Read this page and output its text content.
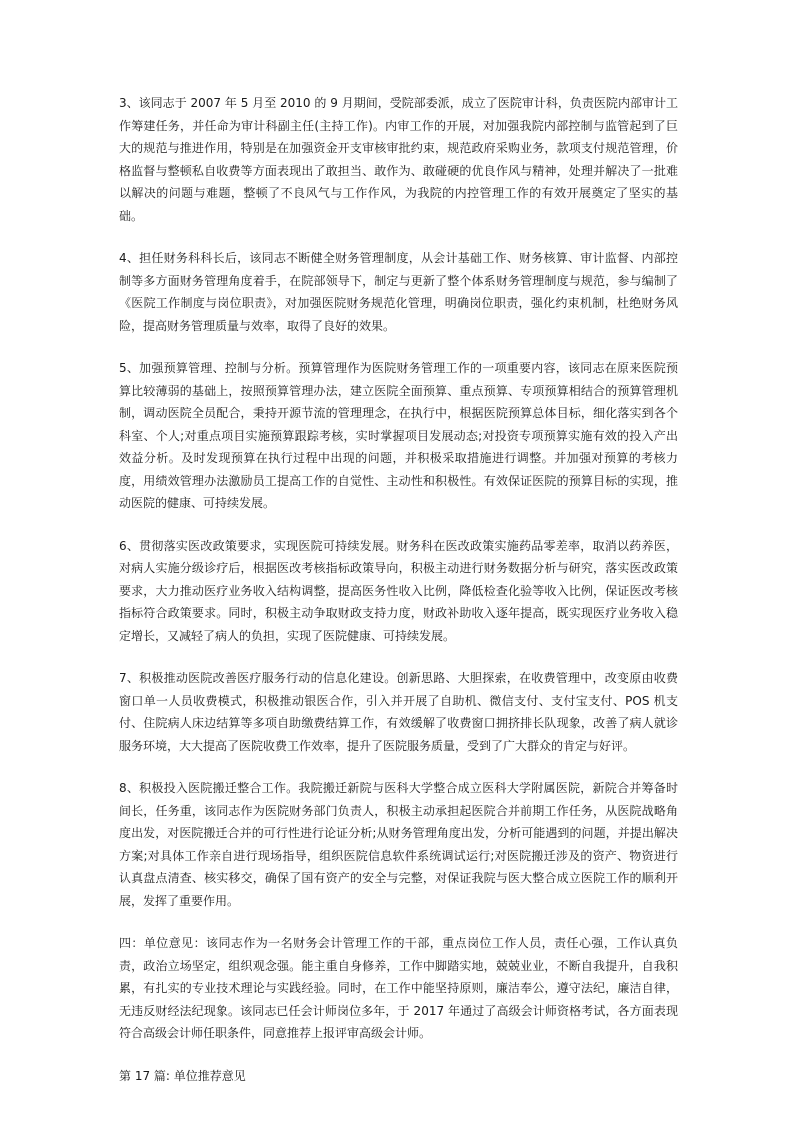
3、该同志于 2007 年 5 月至 2010 的 9 月期间，受院部委派，成立了医院审计科，负责医院内部审计工作筹建任务，并任命为审计科副主任(主持工作)。内审工作的开展，对加强我院内部控制与监管起到了巨大的规范与推进作用，特别是在加强资金开支审核审批约束，规范政府采购业务，款项支付规范管理，价格监督与整顿私自收费等方面表现出了敢担当、敢作为、敢碰硬的优良作风与精神，处理并解决了一批难以解决的问题与难题，整顿了不良风气与工作作风，为我院的内控管理工作的有效开展奠定了坚实的基础。

4、担任财务科科长后，该同志不断健全财务管理制度，从会计基础工作、财务核算、审计监督、内部控制等多方面财务管理角度着手，在院部领导下，制定与更新了整个体系财务管理制度与规范，参与编制了《医院工作制度与岗位职责》，对加强医院财务规范化管理，明确岗位职责，强化约束机制，杜绝财务风险，提高财务管理质量与效率，取得了良好的效果。

5、加强预算管理、控制与分析。预算管理作为医院财务管理工作的一项重要内容，该同志在原来医院预算比较薄弱的基础上，按照预算管理办法，建立医院全面预算、重点预算、专项预算相结合的预算管理机制，调动医院全员配合，秉持开源节流的管理理念，在执行中，根据医院预算总体目标，细化落实到各个科室、个人;对重点项目实施预算跟踪考核，实时掌握项目发展动态;对投资专项预算实施有效的投入产出效益分析。及时发现预算在执行过程中出现的问题，并积极采取措施进行调整。并加强对预算的考核力度，用绩效管理办法激励员工提高工作的自觉性、主动性和积极性。有效保证医院的预算目标的实现，推动医院的健康、可持续发展。

6、贯彻落实医改政策要求，实现医院可持续发展。财务科在医改政策实施药品零差率，取消以药养医，对病人实施分级诊疗后，根据医改考核指标政策导向，积极主动进行财务数据分析与研究，落实医改政策要求，大力推动医疗业务收入结构调整，提高医务性收入比例，降低检查化验等收入比例，保证医改考核指标符合政策要求。同时，积极主动争取财政支持力度，财政补助收入逐年提高，既实现医疗业务收入稳定增长，又减轻了病人的负担，实现了医院健康、可持续发展。

7、积极推动医院改善医疗服务行动的信息化建设。创新思路、大胆探索，在收费管理中，改变原由收费窗口单一人员收费模式，积极推动银医合作，引入并开展了自助机、微信支付、支付宝支付、POS 机支付、住院病人床边结算等多项自助缴费结算工作，有效缓解了收费窗口拥挤排长队现象，改善了病人就诊服务环境，大大提高了医院收费工作效率，提升了医院服务质量，受到了广大群众的肯定与好评。

8、积极投入医院搬迁整合工作。我院搬迁新院与医科大学整合成立医科大学附属医院，新院合并筹备时间长，任务重，该同志作为医院财务部门负责人，积极主动承担起医院合并前期工作任务，从医院战略角度出发，对医院搬迁合并的可行性进行论证分析;从财务管理角度出发，分析可能遇到的问题，并提出解决方案;对具体工作亲自进行现场指导，组织医院信息软件系统调试运行;对医院搬迁涉及的资产、物资进行认真盘点清查、核实移交，确保了国有资产的安全与完整，对保证我院与医大整合成立医院工作的顺利开展，发挥了重要作用。

四：单位意见：该同志作为一名财务会计管理工作的干部，重点岗位工作人员，责任心强，工作认真负责，政治立场坚定，组织观念强。能主重自身修养，工作中脚踏实地，兢兢业业，不断自我提升，自我积累，有扎实的专业技术理论与实践经验。同时，在工作中能坚持原则，廉洁奉公，遵守法纪，廉洁自律，无违反财经法纪现象。该同志已任会计师岗位多年，于 2017 年通过了高级会计师资格考试，各方面表现符合高级会计师任职条件，同意推荐上报评审高级会计师。

第 17 篇: 单位推荐意见
